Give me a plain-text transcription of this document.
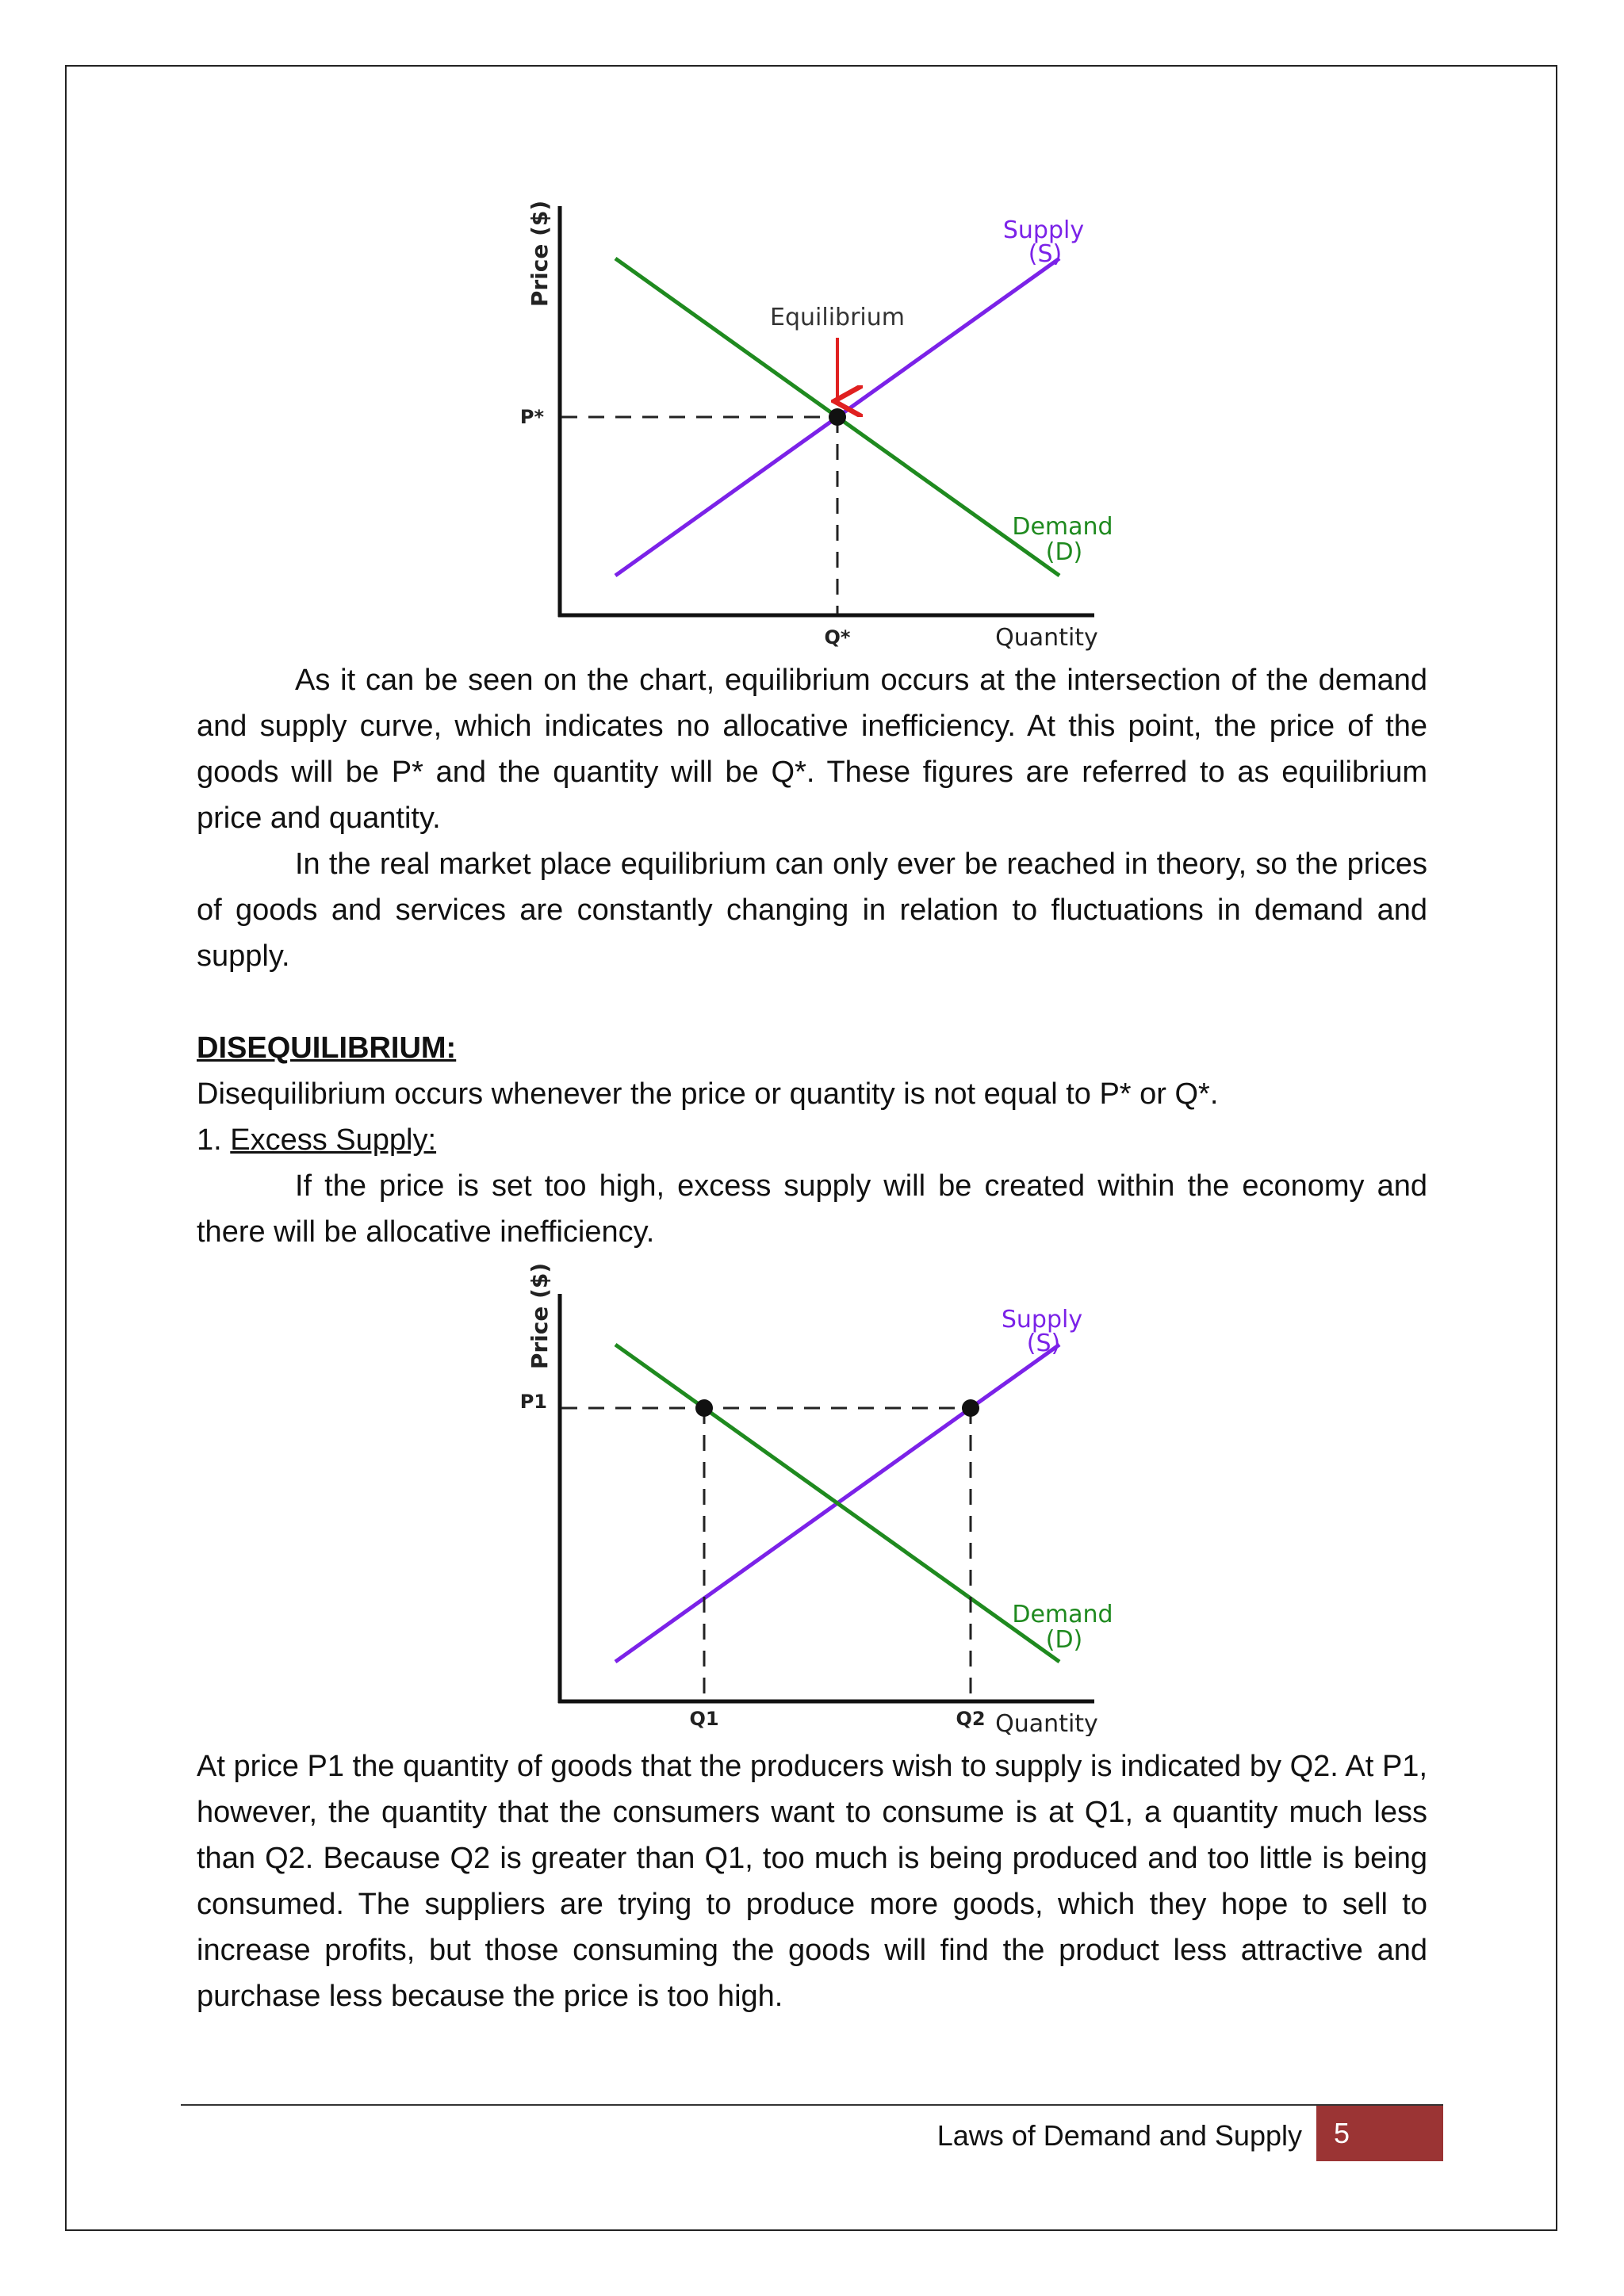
Price ($)
Equilibrium
P*
Q*	Quantity
Supply
(S)
Demand
(D)

As it can be seen on the chart, equilibrium occurs at the intersection of the demand and supply curve, which indicates no allocative inefficiency. At this point, the price of the goods will be P* and the quantity will be Q*. These figures are referred to as equilibrium price and quantity.

In the real market place equilibrium can only ever be reached in theory, so the prices of goods and services are constantly changing in relation to fluctuations in demand and supply.

DISEQUILIBRIUM:

Disequilibrium occurs whenever the price or quantity is not equal to P* or Q*.

1. Excess Supply:

If the price is set too high, excess supply will be created within the economy and there will be allocative inefficiency.

Price ($)
P1
Q1	Q2 Quantity
Supply
(S)
Demand
(D)

At price P1 the quantity of goods that the producers wish to supply is indicated by Q2. At P1, however, the quantity that the consumers want to consume is at Q1, a quantity much less than Q2. Because Q2 is greater than Q1, too much is being produced and too little is being consumed. The suppliers are trying to produce more goods, which they hope to sell to increase profits, but those consuming the goods will find the product less attractive and purchase less because the price is too high.

Laws of Demand and Supply	5
